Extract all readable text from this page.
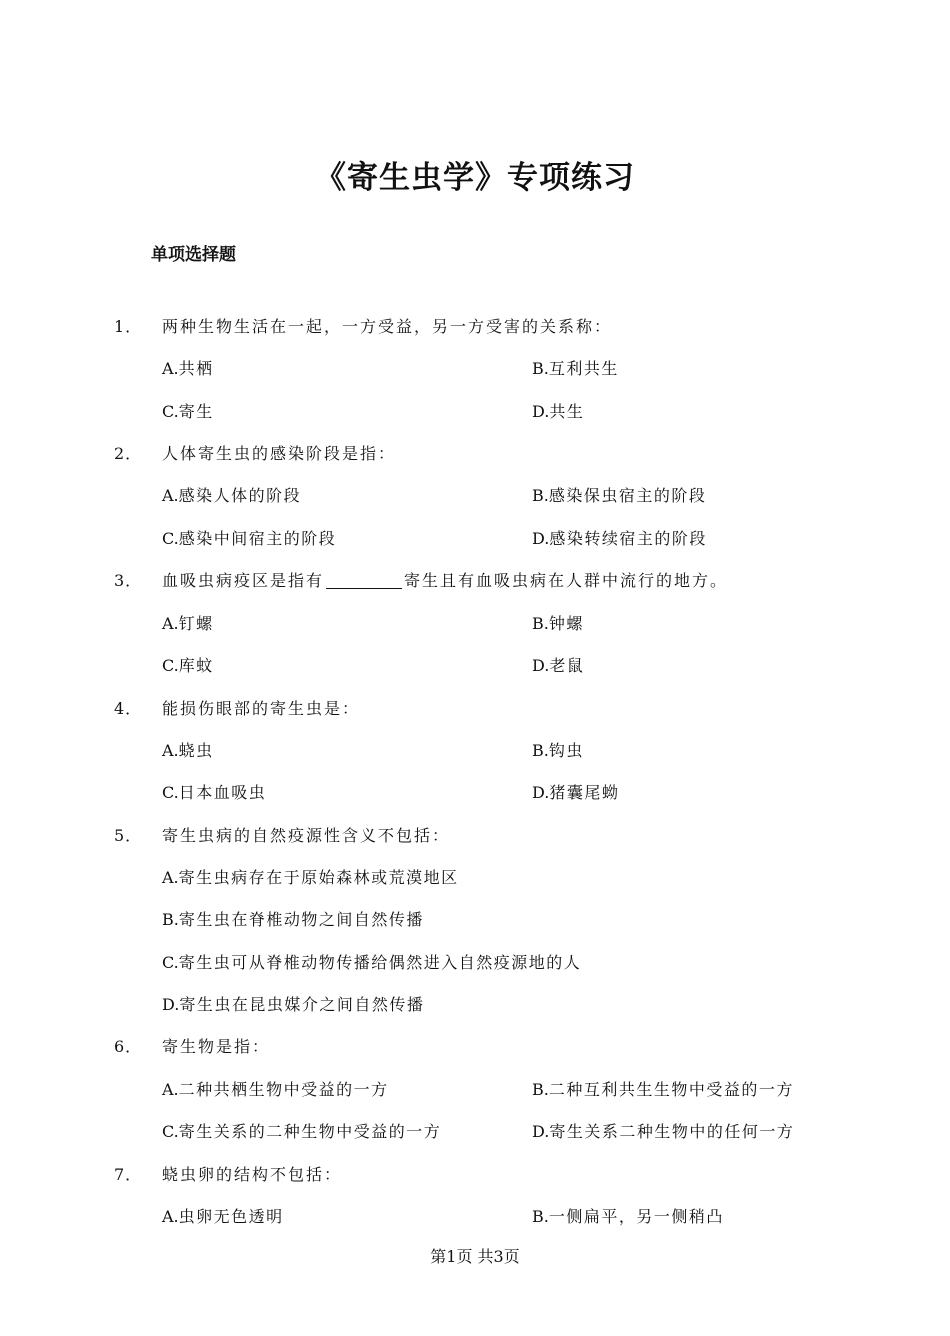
《寄生虫学》专项练习
单项选择题
1． 两种生物生活在一起，一方受益，另一方受害的关系称：
A.共栖	B.互利共生
C.寄生	D.共生
2． 人体寄生虫的感染阶段是指：
A.感染人体的阶段	B.感染保虫宿主的阶段
C.感染中间宿主的阶段	D.感染转续宿主的阶段
3． 血吸虫病疫区是指有	寄生且有血吸虫病在人群中流行的地方。
A.钉螺	B.钟螺
C.库蚊	D.老鼠
4． 能损伤眼部的寄生虫是：
A.蛲虫	B.钩虫
C.日本血吸虫	D.猪囊尾蚴
5． 寄生虫病的自然疫源性含义不包括：
A.寄生虫病存在于原始森林或荒漠地区
B.寄生虫在脊椎动物之间自然传播
C.寄生虫可从脊椎动物传播给偶然进入自然疫源地的人
D.寄生虫在昆虫媒介之间自然传播
6． 寄生物是指：
A.二种共栖生物中受益的一方	B.二种互利共生生物中受益的一方
C.寄生关系的二种生物中受益的一方	D.寄生关系二种生物中的任何一方
7． 蛲虫卵的结构不包括：
A.虫卵无色透明	B.一侧扁平，另一侧稍凸
第1页 共3页
